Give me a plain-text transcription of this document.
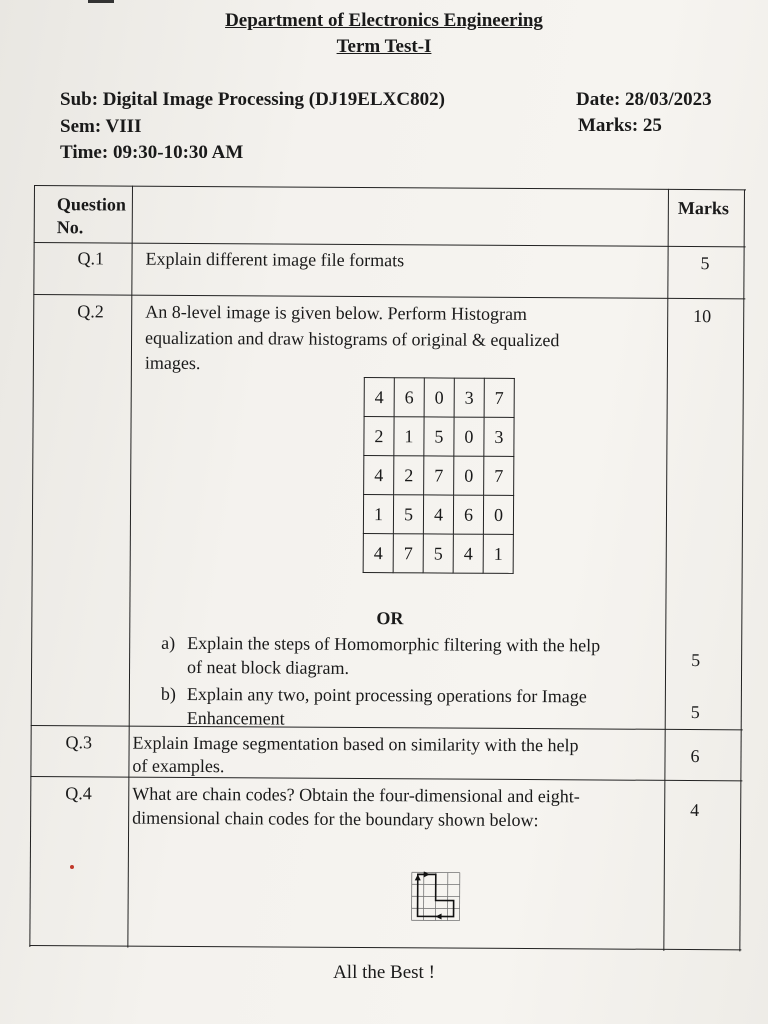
Department of Electronics Engineering
Term Test-I
Sub: Digital Image Processing (DJ19ELXC802)
Sem: VIII
Time: 09:30-10:30 AM
Date: 28/03/2023
Marks: 25
Question
No.
Marks
Q.1 Explain different image file formats	5
Q.2 An 8-level image is given below. Perform Histogram
equalization and draw histograms of original & equalized
images.
10
4	6	0	3	7
2	1	5	0	3
4	2	7	0	7
1	5	4	6	0
4	7	5	4	1
OR
a) Explain the steps of Homomorphic filtering with the help
of neat block diagram.	5
b) Explain any two, point processing operations for Image
Enhancement	5
Q.3 Explain Image segmentation based on similarity with the help
of examples.	6
Q.4 What are chain codes? Obtain the four-dimensional and eight-
dimensional chain codes for the boundary shown below:	4
All the Best !
